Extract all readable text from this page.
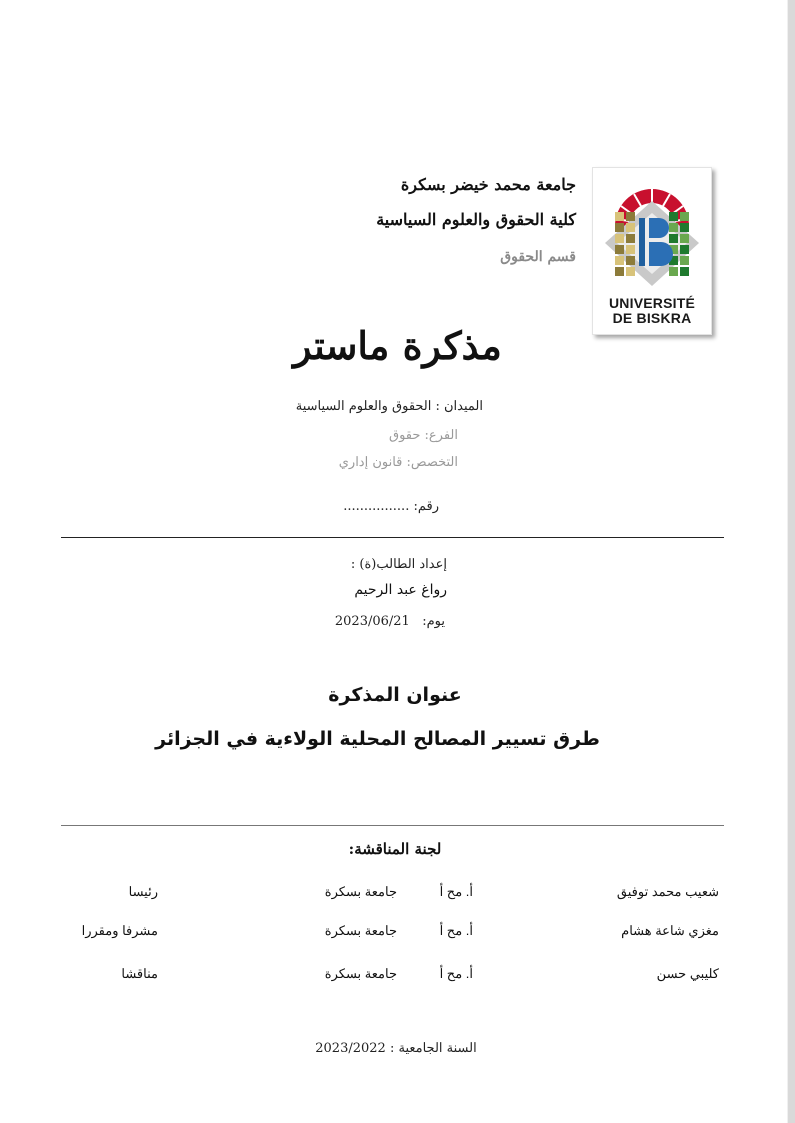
UNIVERSITÉ
DE BISKRA
جامعة محمد خيضر بسكرة
كلية الحقوق والعلوم السياسية
قسم الحقوق
مذكرة ماستر
الميدان : الحقوق والعلوم السياسية
الفرع: حقوق
التخصص: قانون إداري
رقم: ................
إعداد الطالب(ة) :
رواغ عبد الرحيم
يوم:   2023/06/21
عنوان المذكرة
طرق تسيير المصالح المحلية الولاءية في الجزائر
لجنة المناقشة:
شعيب محمد توفيق
أ. مح أ
جامعة بسكرة
رئيسا
مغزي شاعة هشام
أ. مح أ
جامعة بسكرة
مشرفا ومقررا
كليبي حسن
أ. مح أ
جامعة بسكرة
مناقشا
السنة الجامعية : 2023/2022
